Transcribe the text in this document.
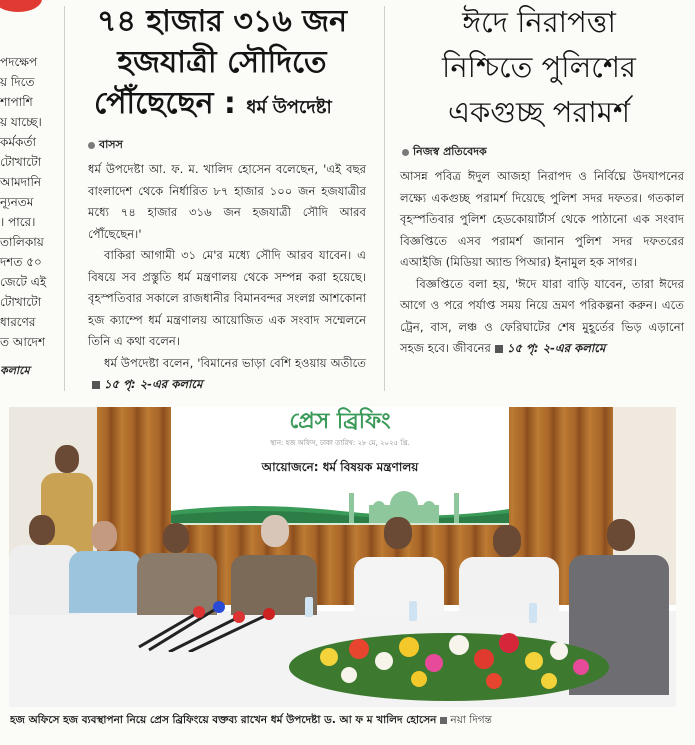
পদক্ষেপ
য় দিতে
শাপাশি
য় যাচ্ছে।
কর্মকর্তা
টোখাটো
আমদানি
ন্যূনতম
। পারে।
তালিকায়
দশত ৫০
জেটে এই
টোখাটো
ধারণের
ত আদেশ
কলামে
৭৪ হাজার ৩১৬ জন
হজযাত্রী সৌদিতে
পৌঁছেছেন : ধর্ম উপদেষ্টা
বাসস

ধর্ম উপদেষ্টা আ. ফ. ম. খালিদ হোসেন বলেছেন, 'এই বছর বাংলাদেশ থেকে নির্ধারিত ৮৭ হাজার ১০০ জন হজযাত্রীর মধ্যে ৭৪ হাজার ৩১৬ জন হজযাত্রী সৌদি আরব পৌঁছেছেন।'

বাকিরা আগামী ৩১ মে'র মধ্যে সৌদি আরব যাবেন। এ বিষয়ে সব প্রস্তুতি ধর্ম মন্ত্রণালয় থেকে সম্পন্ন করা হয়েছে। বৃহস্পতিবার সকালে রাজধানীর বিমানবন্দর সংলগ্ন আশকোনা হজ ক্যাম্পে ধর্ম মন্ত্রণালয় আয়োজিত এক সংবাদ সম্মেলনে তিনি এ কথা বলেন।

ধর্ম উপদেষ্টা বলেন, 'বিমানের ভাড়া বেশি হওয়ায় অতীতে১৫ পৃ: ২-এর কলামে

ঈদে নিরাপত্তা
নিশ্চিতে পুলিশের
একগুচ্ছ পরামর্শ
নিজস্ব প্রতিবেদক

আসন্ন পবিত্র ঈদুল আজহা নিরাপদ ও নির্বিঘ্নে উদযাপনের লক্ষ্যে একগুচ্ছ পরামর্শ দিয়েছে পুলিশ সদর দফতর। গতকাল বৃহস্পতিবার পুলিশ হেডকোয়ার্টার্স থেকে পাঠানো এক সংবাদ বিজ্ঞপ্তিতে এসব পরামর্শ জানান পুলিশ সদর দফতরের এআইজি (মিডিয়া অ্যান্ড পিআর) ইনামুল হক সাগর।

বিজ্ঞপ্তিতে বলা হয়, 'ঈদে যারা বাড়ি যাবেন, তারা ঈদের আগে ও পরে পর্যাপ্ত সময় নিয়ে ভ্রমণ পরিকল্পনা করুন। এতে ট্রেন, বাস, লঞ্চ ও ফেরিঘাটের শেষ মুহূর্তের ভিড় এড়ানো সহজ হবে। জীবনের ১৫ পৃ: ২-এর কলামে

প্রেস ব্রিফিং
স্থান: হজ অফিস, ঢাকা তারিখ: ২৮ মে, ২০২৫ খ্রি.
আয়োজনে: ধর্ম বিষয়ক মন্ত্রণালয়
হজ অফিসে হজ ব্যবস্থাপনা নিয়ে প্রেস ব্রিফিংয়ে বক্তব্য রাখেন ধর্ম উপদেষ্টা ড. আ ফ ম খালিদ হোসেন নয়া দিগন্ত
